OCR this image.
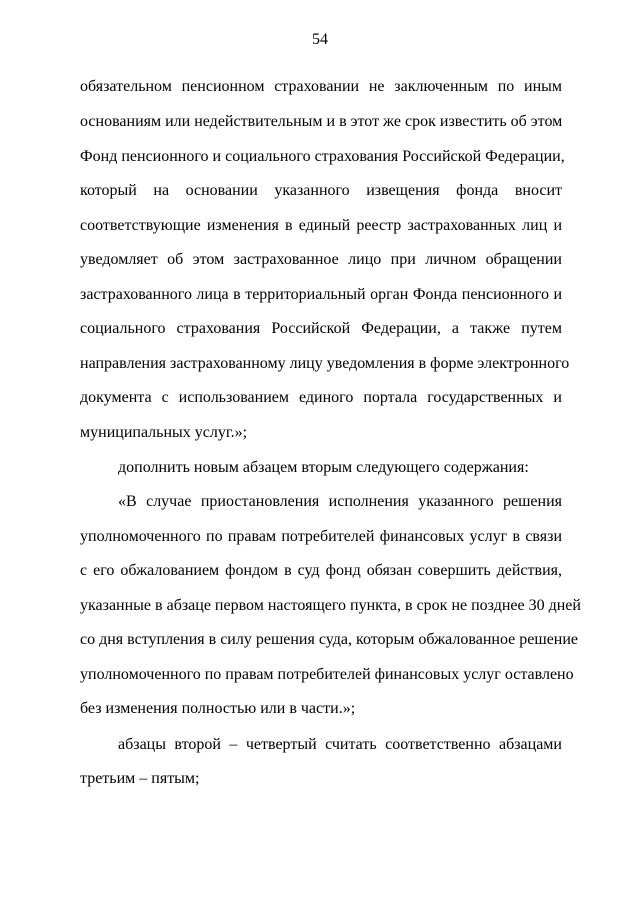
54
обязательном пенсионном страховании не заключенным по иным
основаниям или недействительным и в этот же срок известить об этом
Фонд пенсионного и социального страхования Российской Федерации,
который на основании указанного извещения фонда вносит
соответствующие изменения в единый реестр застрахованных лиц и
уведомляет об этом застрахованное лицо при личном обращении
застрахованного лица в территориальный орган Фонда пенсионного и
социального страхования Российской Федерации, а также путем
направления застрахованному лицу уведомления в форме электронного
документа с использованием единого портала государственных и
муниципальных услуг.»;
дополнить новым абзацем вторым следующего содержания:
«В случае приостановления исполнения указанного решения
уполномоченного по правам потребителей финансовых услуг в связи
с его обжалованием фондом в суд фонд обязан совершить действия,
указанные в абзаце первом настоящего пункта, в срок не позднее 30 дней
со дня вступления в силу решения суда, которым обжалованное решение
уполномоченного по правам потребителей финансовых услуг оставлено
без изменения полностью или в части.»;
абзацы второй – четвертый считать соответственно абзацами
третьим – пятым;
